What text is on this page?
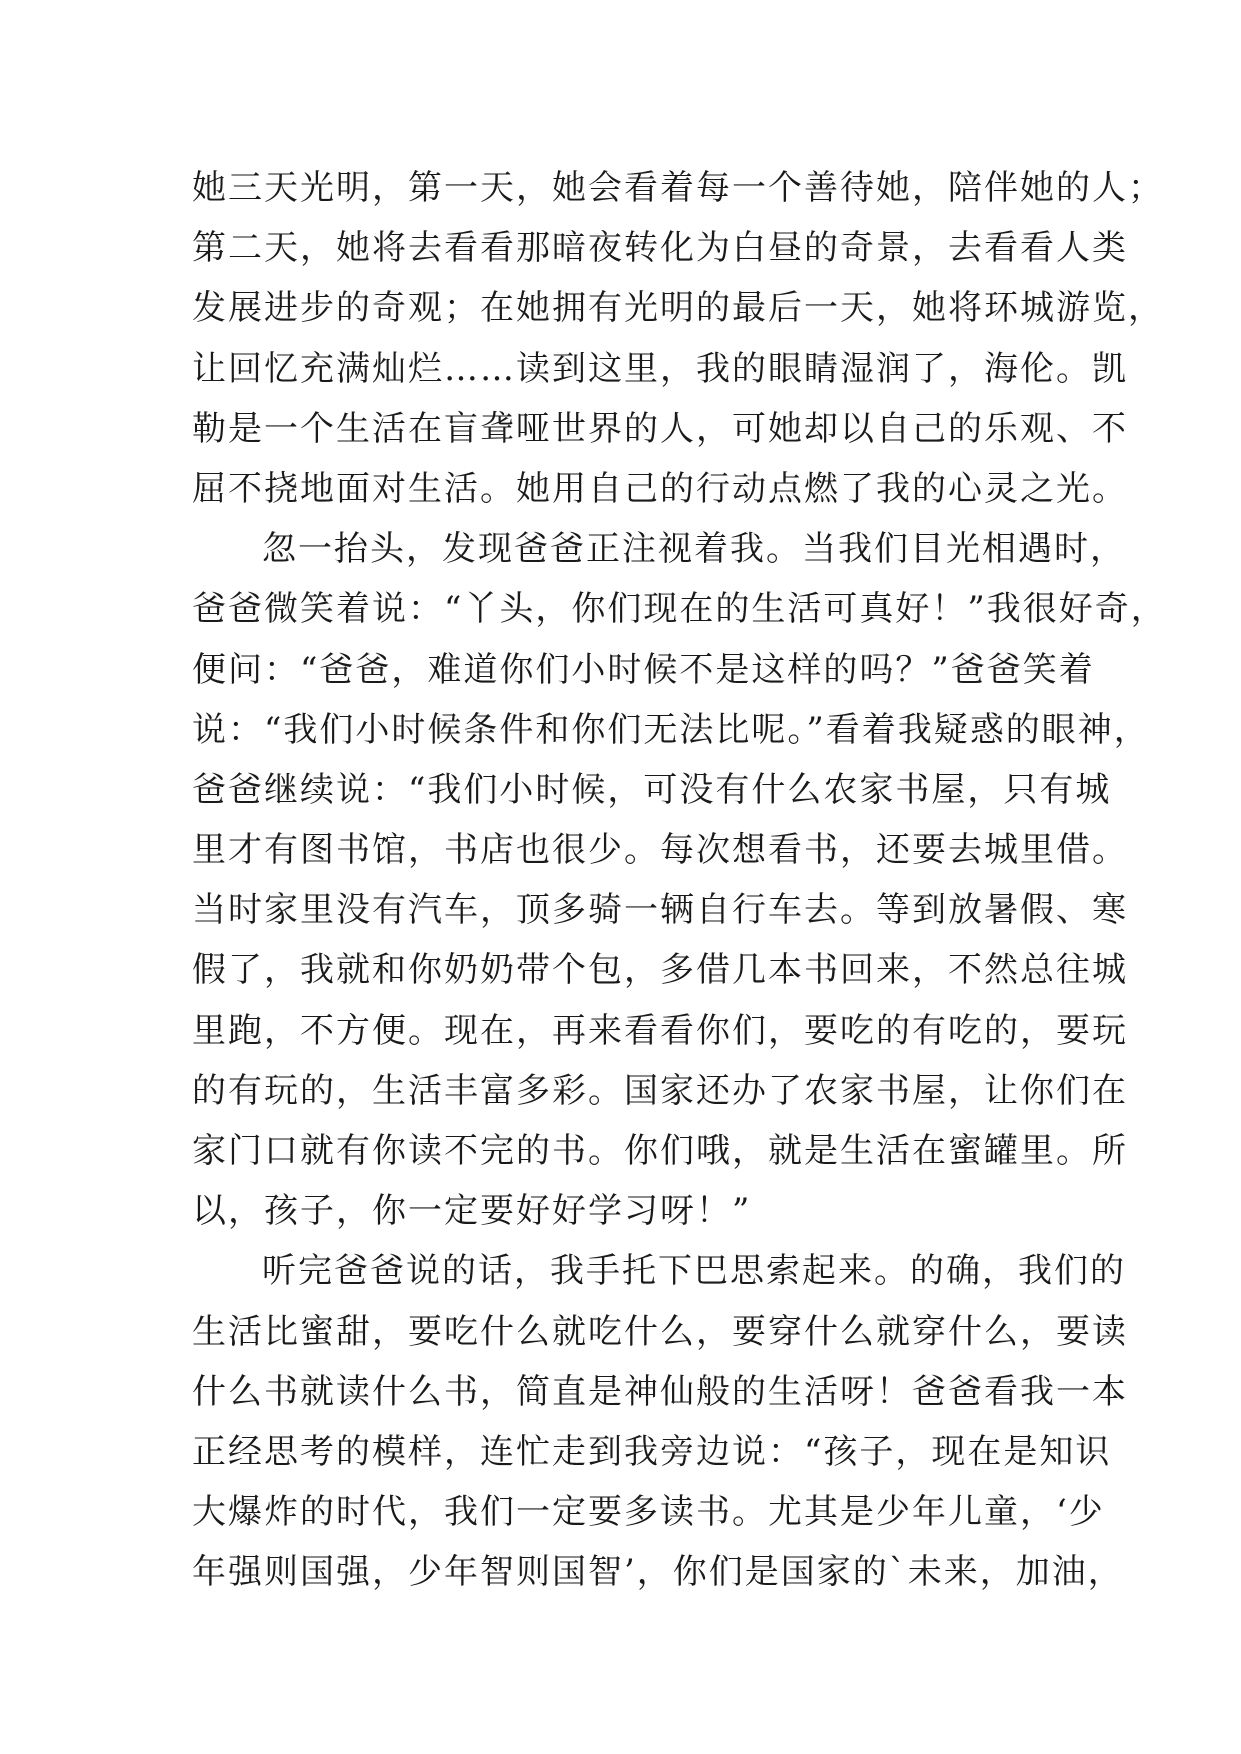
她三天光明，第一天，她会看着每一个善待她，陪伴她的人；
第二天，她将去看看那暗夜转化为白昼的奇景，去看看人类
发展进步的奇观；在她拥有光明的最后一天，她将环城游览，
让回忆充满灿烂……读到这里，我的眼睛湿润了，海伦。凯
勒是一个生活在盲聋哑世界的人，可她却以自己的乐观、不
屈不挠地面对生活。她用自己的行动点燃了我的心灵之光。
忽一抬头，发现爸爸正注视着我。当我们目光相遇时，
爸爸微笑着说：“丫头，你们现在的生活可真好！”我很好奇，
便问：“爸爸，难道你们小时候不是这样的吗？”爸爸笑着
说：“我们小时候条件和你们无法比呢。”看着我疑惑的眼神，
爸爸继续说：“我们小时候，可没有什么农家书屋，只有城
里才有图书馆，书店也很少。每次想看书，还要去城里借。
当时家里没有汽车，顶多骑一辆自行车去。等到放暑假、寒
假了，我就和你奶奶带个包，多借几本书回来，不然总往城
里跑，不方便。现在，再来看看你们，要吃的有吃的，要玩
的有玩的，生活丰富多彩。国家还办了农家书屋，让你们在
家门口就有你读不完的书。你们哦，就是生活在蜜罐里。所
以，孩子，你一定要好好学习呀！”
听完爸爸说的话，我手托下巴思索起来。的确，我们的
生活比蜜甜，要吃什么就吃什么，要穿什么就穿什么，要读
什么书就读什么书，简直是神仙般的生活呀！爸爸看我一本
正经思考的模样，连忙走到我旁边说：“孩子，现在是知识
大爆炸的时代，我们一定要多读书。尤其是少年儿童，‘少
年强则国强，少年智则国智’，你们是国家的`未来，加油，
